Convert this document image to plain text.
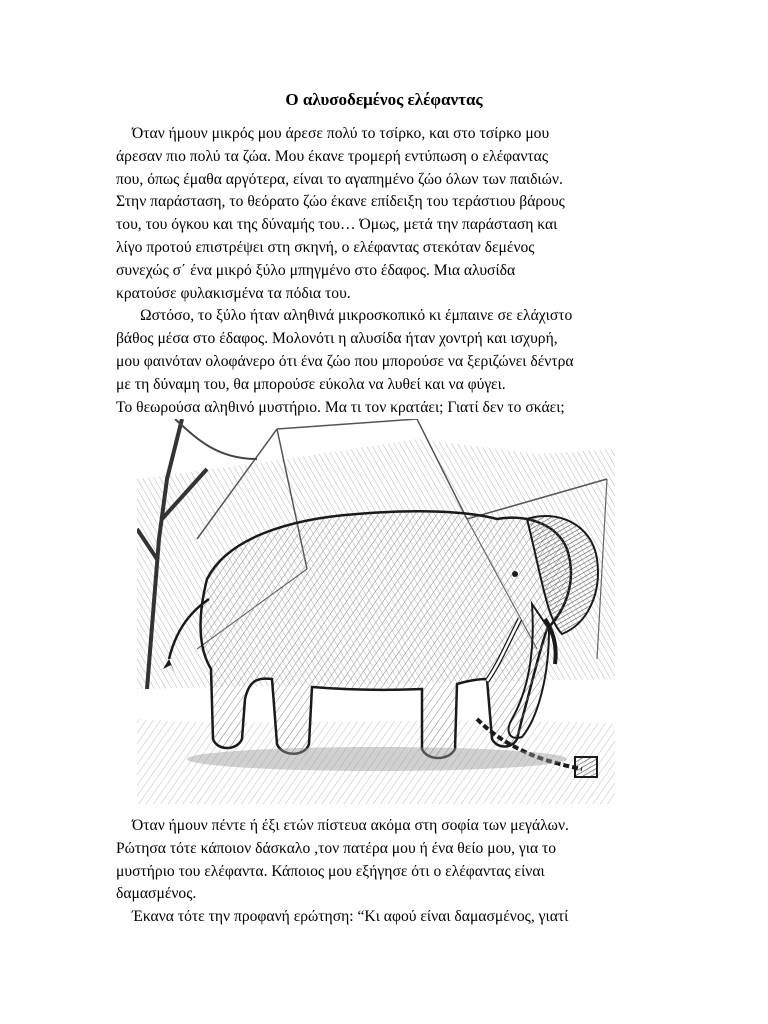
Ο αλυσοδεμένος ελέφαντας
Όταν ήμουν μικρός μου άρεσε πολύ το τσίρκο, και στο τσίρκο μου
άρεσαν πιο πολύ τα ζώα. Μου έκανε τρομερή εντύπωση ο ελέφαντας
που, όπως έμαθα αργότερα, είναι το αγαπημένο ζώο όλων των παιδιών.
Στην παράσταση, το θεόρατο ζώο έκανε επίδειξη του τεράστιου βάρους
του, του όγκου και της δύναμής του… Όμως, μετά την παράσταση και
λίγο προτού επιστρέψει στη σκηνή, ο ελέφαντας στεκόταν δεμένος
συνεχώς σ΄ ένα μικρό ξύλο μπηγμένο στο έδαφος. Μια αλυσίδα
κρατούσε φυλακισμένα τα πόδια του.
Ωστόσο, το ξύλο ήταν αληθινά μικροσκοπικό κι έμπαινε σε ελάχιστο
βάθος μέσα στο έδαφος. Μολονότι η αλυσίδα ήταν χοντρή και ισχυρή,
μου φαινόταν ολοφάνερο ότι ένα ζώο που μπορούσε να ξεριζώνει δέντρα
με τη δύναμη του, θα μπορούσε εύκολα να λυθεί και να φύγει.
Το θεωρούσα αληθινό μυστήριο. Μα τι τον κρατάει; Γιατί δεν το σκάει;
Όταν ήμουν πέντε ή έξι ετών πίστευα ακόμα στη σοφία των μεγάλων.
Ρώτησα τότε κάποιον δάσκαλο ,τον πατέρα μου ή ένα θείο μου, για το
μυστήριο του ελέφαντα. Κάποιος μου εξήγησε ότι ο ελέφαντας είναι
δαμασμένος.
Έκανα τότε την προφανή ερώτηση: “Κι αφού είναι δαμασμένος, γιατί
